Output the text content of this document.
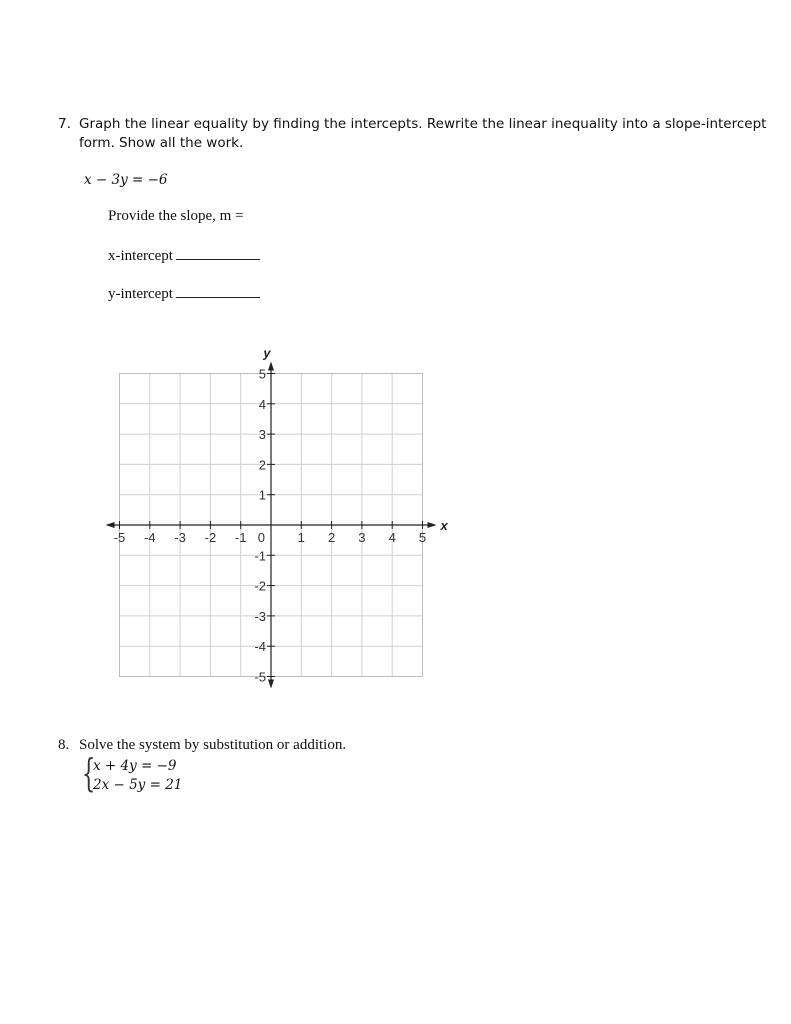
7. Graph the linear equality by finding the intercepts. Rewrite the linear inequality into a slope-intercept
form. Show all the work.
x − 3y = −6
Provide the slope, m =
x-intercept
y-intercept
-5 -4 -3 -2 -1	1 2 3 4 5
5
4
3
2
1
-1
-2
-3
-4
-5
0
x
y
8. Solve the system by substitution or addition.
{
x + 4y = −9
2x − 5y = 21
